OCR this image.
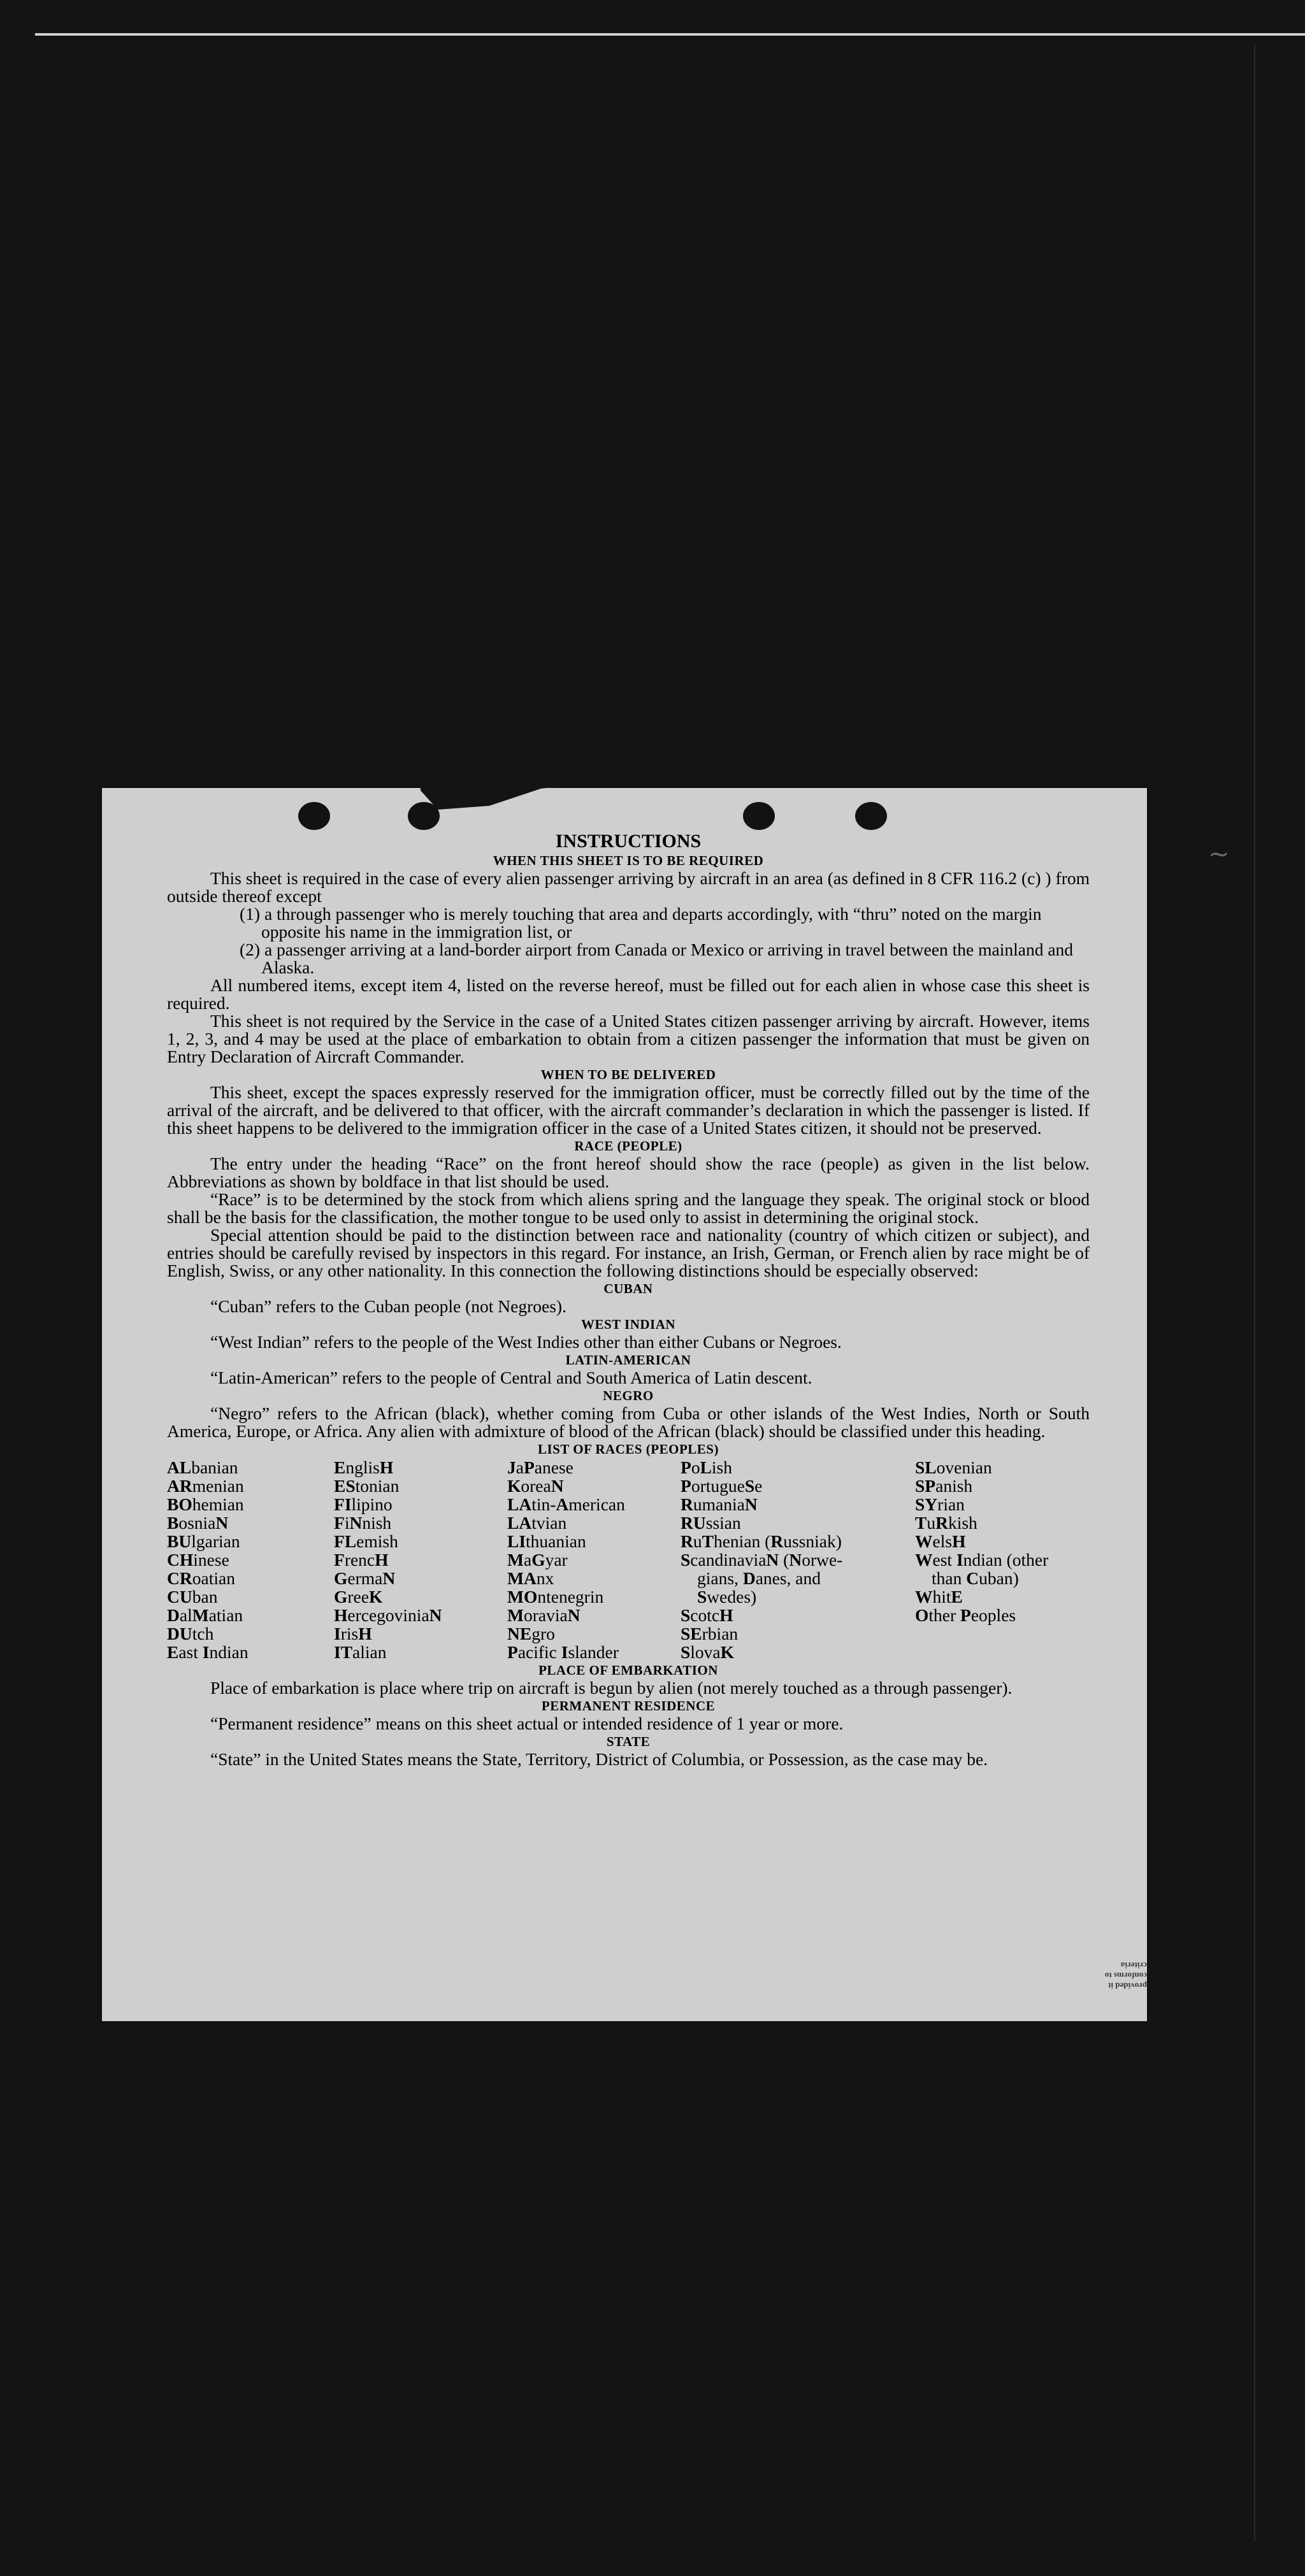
~
provided it conforms to criteria

INSTRUCTIONS

WHEN THIS SHEET IS TO BE REQUIRED

This sheet is required in the case of every alien passenger arriving by aircraft in an area (as defined in 8 CFR 116.2 (c) ) from outside thereof except

(1) a through passenger who is merely touching that area and departs accordingly, with “thru” noted on the margin opposite his name in the immigration list, or

(2) a passenger arriving at a land-border airport from Canada or Mexico or arriving in travel between the mainland and Alaska.

All numbered items, except item 4, listed on the reverse hereof, must be filled out for each alien in whose case this sheet is required.

This sheet is not required by the Service in the case of a United States citizen passenger arriving by aircraft. However, items 1, 2, 3, and 4 may be used at the place of embarkation to obtain from a citizen passenger the information that must be given on Entry Declaration of Aircraft Commander.

WHEN TO BE DELIVERED

This sheet, except the spaces expressly reserved for the immigration officer, must be correctly filled out by the time of the arrival of the aircraft, and be delivered to that officer, with the aircraft commander’s declaration in which the passenger is listed. If this sheet happens to be delivered to the immigration officer in the case of a United States citizen, it should not be preserved.

RACE (PEOPLE)

The entry under the heading “Race” on the front hereof should show the race (people) as given in the list below. Abbreviations as shown by boldface in that list should be used.

“Race” is to be determined by the stock from which aliens spring and the language they speak. The original stock or blood shall be the basis for the classification, the mother tongue to be used only to assist in determining the original stock.

Special attention should be paid to the distinction between race and nationality (country of which citizen or subject), and entries should be carefully revised by inspectors in this regard. For instance, an Irish, German, or French alien by race might be of English, Swiss, or any other nationality. In this connection the following distinctions should be especially observed:

CUBAN

“Cuban” refers to the Cuban people (not Negroes).

WEST INDIAN

“West Indian” refers to the people of the West Indies other than either Cubans or Negroes.

LATIN-AMERICAN

“Latin-American” refers to the people of Central and South America of Latin descent.

NEGRO

“Negro” refers to the African (black), whether coming from Cuba or other islands of the West Indies, North or South America, Europe, or Africa. Any alien with admixture of blood of the African (black) should be classified under this heading.

LIST OF RACES (PEOPLES)

ALbanian
ARmenian
BOhemian
BosniaN
BUlgarian
CHinese
CRoatian
CUban
DalMatian
DUtch
East Indian
EnglisH
EStonian
FIlipino
FiNnish
FLemish
FrencH
GermaN
GreeK
HercegoviniaN
IrisH
ITalian
JaPanese
KoreaN
LAtin-American
LAtvian
LIthuanian
MaGyar
MAnx
MOntenegrin
MoraviaN
NEgro
Pacific Islander
PoLish
PortugueSe
RumaniaN
RUssian
RuThenian (Russniak)
ScandinaviaN (Norwe-
gians, Danes, and
Swedes)
ScotcH
SErbian
SlovaK
SLovenian
SPanish
SYrian
TuRkish
WelsH
West Indian (other
than Cuban)
WhitE
Other Peoples

PLACE OF EMBARKATION

Place of embarkation is place where trip on aircraft is begun by alien (not merely touched as a through passenger).

PERMANENT RESIDENCE

“Permanent residence” means on this sheet actual or intended residence of 1 year or more.

STATE

“State” in the United States means the State, Territory, District of Columbia, or Possession, as the case may be.
